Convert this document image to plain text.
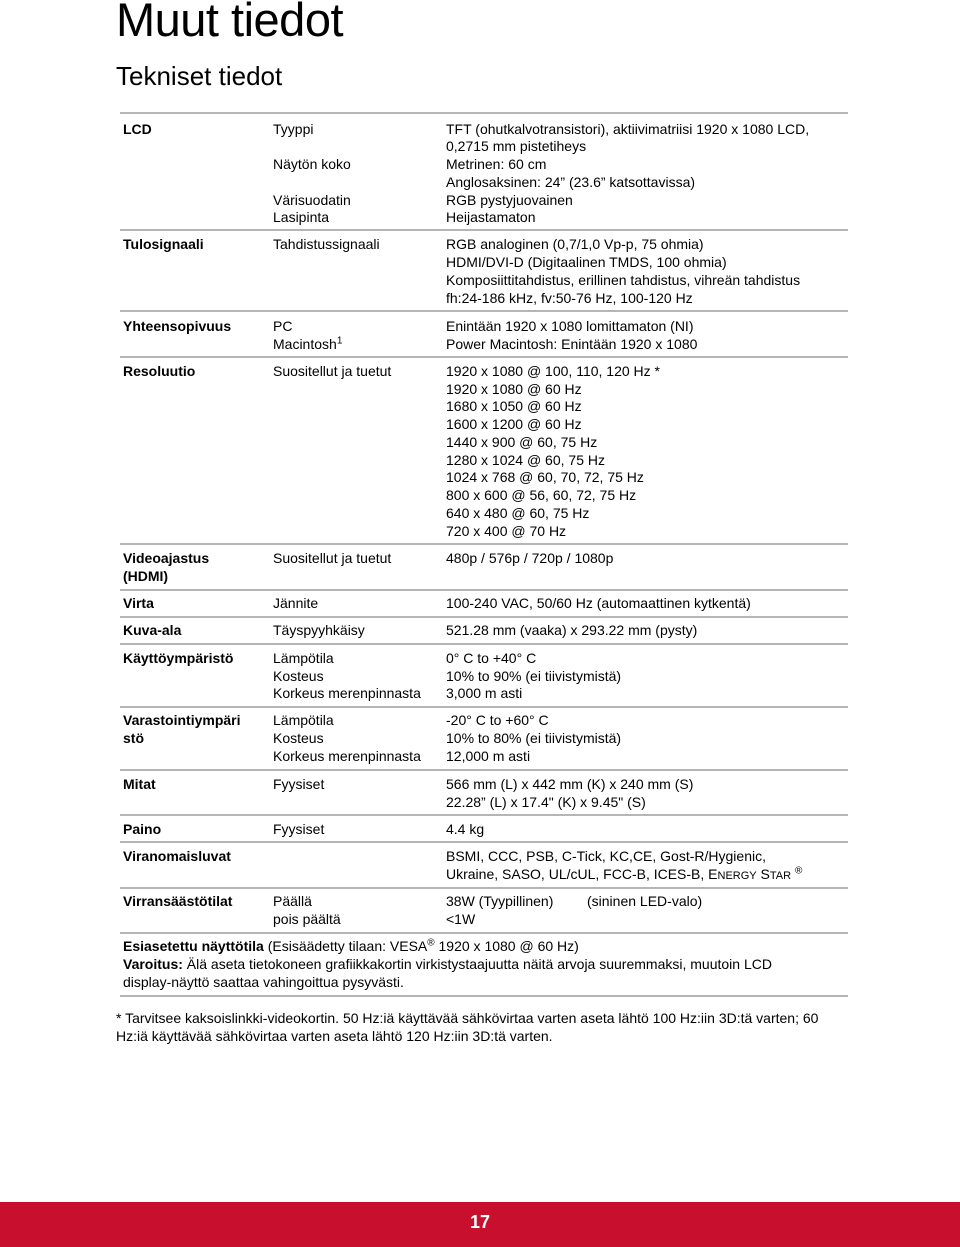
Muut tiedot
Tekniset tiedot
LCD	Tyyppi	TFT (ohutkalvotransistori), aktiivimatriisi 1920 x 1080 LCD,
0,2715 mm pistetiheys
Näytön koko	Metrinen: 60 cm
Anglosaksinen: 24” (23.6” katsottavissa)
Värisuodatin	RGB pystyjuovainen
Lasipinta	Heijastamaton
Tulosignaali	Tahdistussignaali	RGB analoginen (0,7/1,0 Vp-p, 75 ohmia)
HDMI/DVI-D (Digitaalinen TMDS, 100 ohmia)
Komposiittitahdistus, erillinen tahdistus, vihreän tahdistus
fh:24-186 kHz, fv:50-76 Hz, 100-120 Hz
Yhteensopivuus	PC	Enintään 1920 x 1080 lomittamaton (NI)
Macintosh$^1$	Power Macintosh: Enintään 1920 x 1080
Resoluutio	Suositellut ja tuetut	1920 x 1080 @ 100, 110, 120 Hz *
1920 x 1080 @ 60 Hz
1680 x 1050 @ 60 Hz
1600 x 1200 @ 60 Hz
1440 x 900 @ 60, 75 Hz
1280 x 1024 @ 60, 75 Hz
1024 x 768 @ 60, 70, 72, 75 Hz
800 x 600 @ 56, 60, 72, 75 Hz
640 x 480 @ 60, 75 Hz
720 x 400 @ 70 Hz
Videoajastus
(HDMI)
Suositellut ja tuetut	480p / 576p / 720p / 1080p
Virta	Jännite	100-240 VAC, 50/60 Hz (automaattinen kytkentä)
Kuva-ala	Täyspyyhkäisy	521.28 mm (vaaka) x 293.22 mm (pysty)
Käyttöympäristö	Lämpötila	0° C to +40° C
Kosteus	10% to 90% (ei tiivistymistä)
Korkeus merenpinnasta 3,000 m asti
Varastointiympäri
stö
Lämpötila	-20° C to +60° C
Kosteus	10% to 80% (ei tiivistymistä)
Korkeus merenpinnasta 12,000 m asti
Mitat	Fyysiset	566 mm (L) x 442 mm (K) x 240 mm (S)
22.28” (L) x 17.4" (K) x 9.45" (S)
Paino	Fyysiset	4.4 kg
Viranomaisluvat	BSMI, CCC, PSB, C-Tick, KC,CE, Gost-R/Hygienic,
Ukraine, SASO, UL/cUL, FCC-B, ICES-B, ENERGY STAR ®
Virransäästötilat	Päällä	38W (Tyypillinen) (sininen LED-valo)
pois päältä	<1W
Esiasetettu näyttötila (Esisäädetty tilaan: VESA® 1920 x 1080 @ 60 Hz)
Varoitus: Älä aseta tietokoneen grafiikkakortin virkistystaajuutta näitä arvoja suuremmaksi, muutoin LCD
display-näyttö saattaa vahingoittua pysyvästi.
* Tarvitsee kaksoislinkki-videokortin. 50 Hz:iä käyttävää sähkövirtaa varten aseta lähtö 100 Hz:iin 3D:tä varten; 60
Hz:iä käyttävää sähkövirtaa varten aseta lähtö 120 Hz:iin 3D:tä varten.
17
